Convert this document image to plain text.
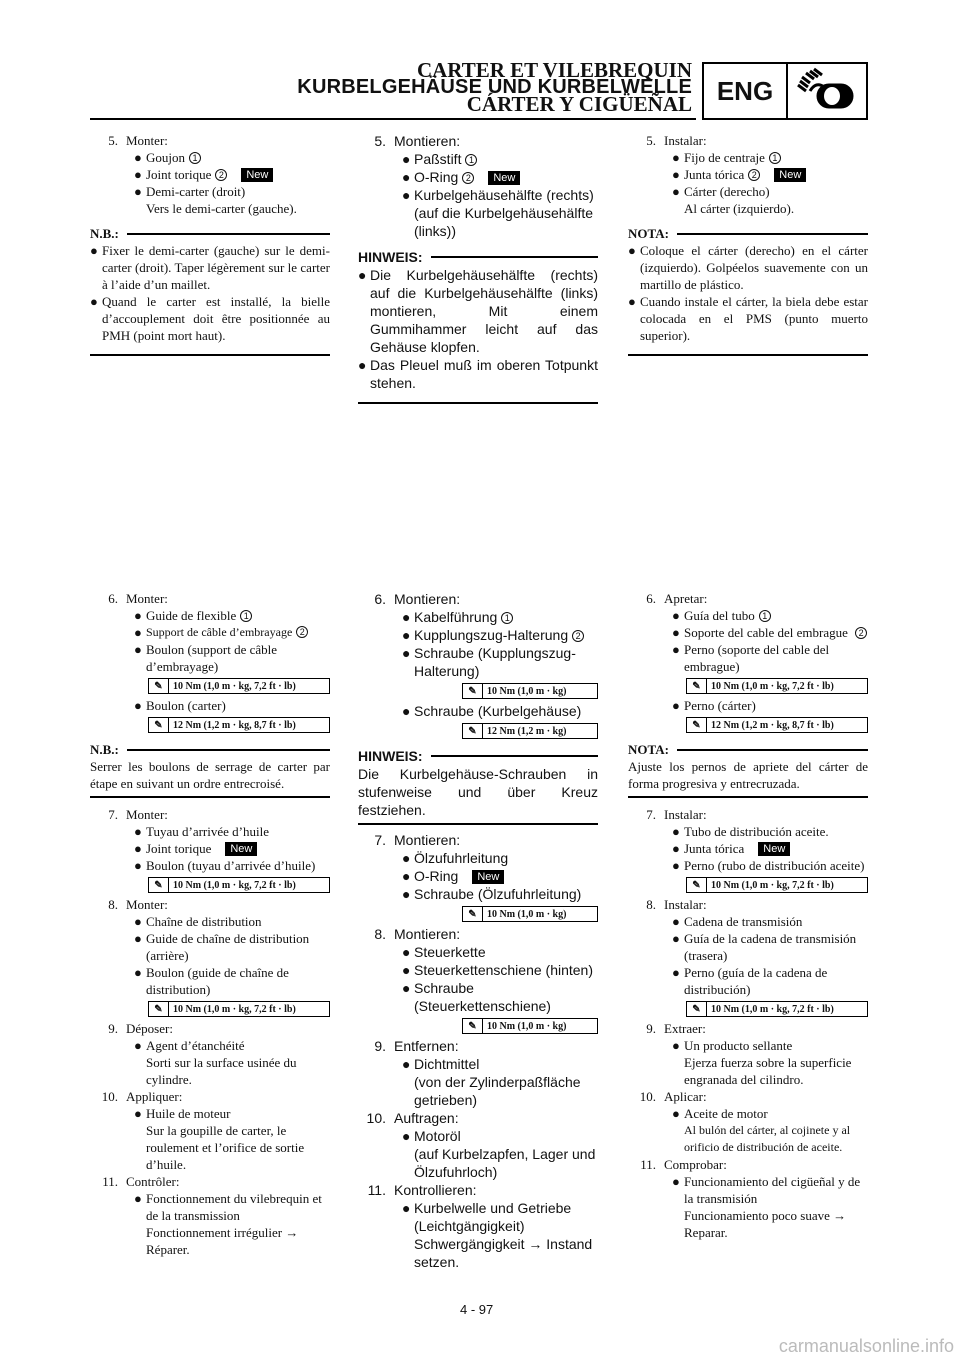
CARTER ET VILEBREQUIN
KURBELGEHÄUSE UND KURBELWELLE
CÁRTER Y CIGÜEÑAL ENG
5. Monter:
● Goujon 1
● Joint torique 2 New
● Demi-carter (droit)
Vers le demi-carter (gauche).
N.B.:
● Fixer le demi-carter (gauche) sur le demi-carter (droit). Taper légèrement sur le carter à l’aide d’un maillet.
● Quand le carter est installé, la bielle d’accouplement doit être positionnée au PMH (point mort haut).
5. Montieren:
● Paßstift 1
● O-Ring 2 New
● Kurbelgehäusehälfte (rechts)
(auf die Kurbelgehäusehälfte (links))
HINWEIS:
● Die Kurbelgehäusehälfte (rechts) auf die Kurbelgehäusehälfte (links) montieren, Mit einem Gummihammer leicht auf das Gehäuse klopfen.
● Das Pleuel muß im oberen Totpunkt stehen.
5. Instalar:
● Fijo de centraje 1
● Junta tórica 2 New
● Cárter (derecho)
Al cárter (izquierdo).
NOTA:
● Coloque el cárter (derecho) en el cárter (izquierdo). Golpéelos suavemente con un martillo de plástico.
● Cuando instale el cárter, la biela debe estar colocada en el PMS (punto muerto superior).
6. Monter:
● Guide de flexible 1
● Support de câble d’embrayage 2
● Boulon (support de câble d’embrayage)
✎	10 Nm (1,0 m · kg, 7,2 ft · lb)
● Boulon (carter)
✎	12 Nm (1,2 m · kg, 8,7 ft · lb)
N.B.:
Serrer les boulons de serrage de carter par étape en suivant un ordre entrecroisé.
7. Monter:
● Tuyau d’arrivée d’huile
● Joint torique New
● Boulon (tuyau d’arrivée d’huile)
✎	10 Nm (1,0 m · kg, 7,2 ft · lb)
8. Monter:
● Chaîne de distribution
● Guide de chaîne de distribution (arrière)
● Boulon (guide de chaîne de distribution)
✎	10 Nm (1,0 m · kg, 7,2 ft · lb)
9. Déposer:
● Agent d’étanchéité
Sorti sur la surface usinée du cylindre.
10. Appliquer:
● Huile de moteur
Sur la goupille de carter, le roulement et l’orifice de sortie d’huile.
11. Contrôler:
● Fonctionnement du vilebrequin et de la transmission
Fonctionnement irrégulier → Réparer.
6. Montieren:
● Kabelführung 1
● Kupplungszug-Halterung 2
● Schraube (Kupplungszug-Halterung)
✎	10 Nm (1,0 m · kg)
● Schraube (Kurbelgehäuse)
✎	12 Nm (1,2 m · kg)
HINWEIS:
Die Kurbelgehäuse-Schrauben in stufenweise und über Kreuz festziehen.
7. Montieren:
● Ölzufuhrleitung
● O-Ring New
● Schraube (Ölzufuhrleitung)
✎	10 Nm (1,0 m · kg)
8. Montieren:
● Steuerkette
● Steuerkettenschiene (hinten)
● Schraube (Steuerkettenschiene)
✎	10 Nm (1,0 m · kg)
9. Entfernen:
● Dichtmittel
(von der Zylinderpaßfläche getrieben)
10. Auftragen:
● Motoröl
(auf Kurbelzapfen, Lager und Ölzufuhrloch)
11. Kontrollieren:
● Kurbelwelle und Getriebe (Leichtgängigkeit)
Schwergängigkeit → Instand setzen.
6. Apretar:
● Guía del tubo 1
● Soporte del cable del embrague 2
● Perno (soporte del cable del embrague)
✎	10 Nm (1,0 m · kg, 7,2 ft · lb)
● Perno (cárter)
✎	12 Nm (1,2 m · kg, 8,7 ft · lb)
NOTA:
Ajuste los pernos de apriete del cárter de forma progresiva y entrecruzada.
7. Instalar:
● Tubo de distribución aceite.
● Junta tórica New
● Perno (rubo de distribución aceite)
✎	10 Nm (1,0 m · kg, 7,2 ft · lb)
8. Instalar:
● Cadena de transmisión
● Guía de la cadena de transmisión (trasera)
● Perno (guía de la cadena de distribución)
✎	10 Nm (1,0 m · kg, 7,2 ft · lb)
9. Extraer:
● Un producto sellante
Ejerza fuerza sobre la superficie engranada del cilindro.
10. Aplicar:
● Aceite de motor
Al bulón del cárter, al cojinete y al orificio de distribución de aceite.
11. Comprobar:
● Funcionamiento del cigüeñal y de la transmisión
Funcionamiento poco suave → Reparar.
4 - 97
carmanualsonline.info
